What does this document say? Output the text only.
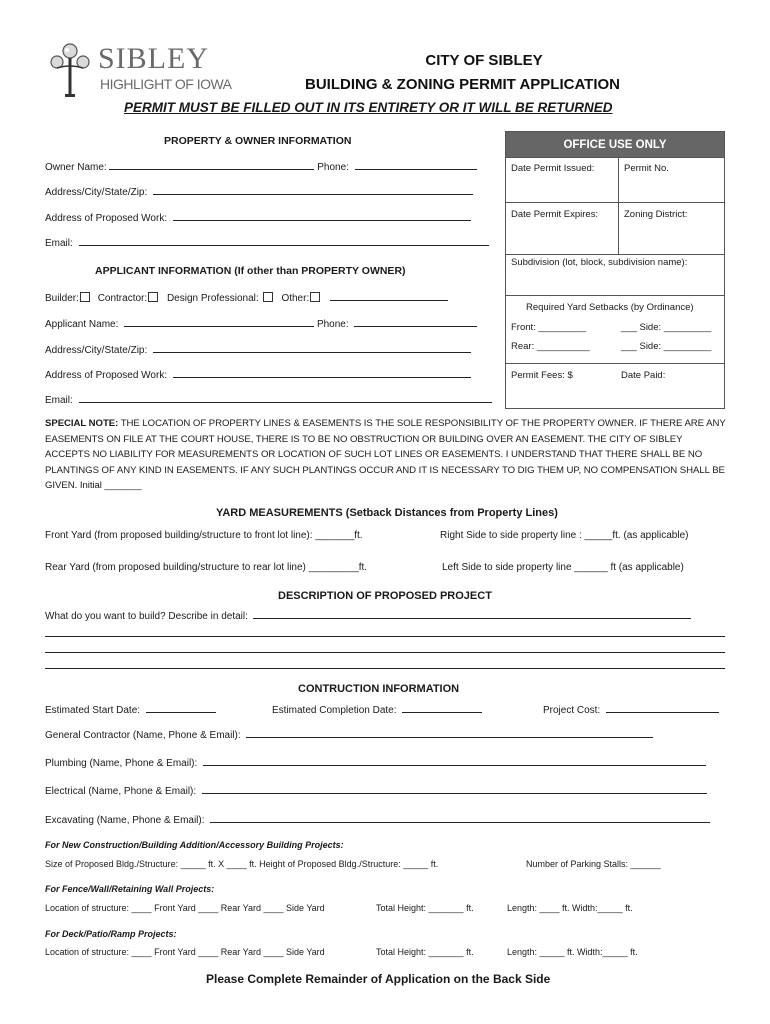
SIBLEY
HIGHLIGHT OF IOWA
CITY OF SIBLEY
BUILDING & ZONING PERMIT APPLICATION
PERMIT MUST BE FILLED OUT IN ITS ENTIRETY OR IT WILL BE RETURNED
PROPERTY & OWNER INFORMATION
Owner Name:	Phone:
Address/City/State/Zip:
Address of Proposed Work:
Email:
APPLICANT INFORMATION (If other than PROPERTY OWNER)
Builder: Contractor: Design Professional: Other:
Applicant Name:	Phone:
Address/City/State/Zip:
Address of Proposed Work:
Email:
OFFICE USE ONLY
Date Permit Issued:	Permit No.
Date Permit Expires:	Zoning District:
Subdivision (lot, block, subdivision name):
Required Yard Setbacks (by Ordinance)
Front: _________	___ Side: _________
Rear: __________	___ Side: _________
Permit Fees: $	Date Paid:
SPECIAL NOTE: THE LOCATION OF PROPERTY LINES & EASEMENTS IS THE SOLE RESPONSIBILITY OF THE PROPERTY OWNER. IF THERE ARE ANY EASEMENTS ON FILE AT THE COURT HOUSE, THERE IS TO BE NO OBSTRUCTION OR BUILDING OVER AN EASEMENT. THE CITY OF SIBLEY ACCEPTS NO LIABILITY FOR MEASUREMENTS OR LOCATION OF SUCH LOT LINES OR EASEMENTS. I UNDERSTAND THAT THERE SHALL BE NO PLANTINGS OF ANY KIND IN EASEMENTS. IF ANY SUCH PLANTINGS OCCUR AND IT IS NECESSARY TO DIG THEM UP, NO COMPENSATION SHALL BE GIVEN. Initial _______
YARD MEASUREMENTS (Setback Distances from Property Lines)
Front Yard (from proposed building/structure to front lot line): _______ft.	Right Side to side property line : _____ft. (as applicable)
Rear Yard (from proposed building/structure to rear lot line) _________ft.	Left Side to side property line ______ ft (as applicable)
DESCRIPTION OF PROPOSED PROJECT
What do you want to build? Describe in detail:
CONTRUCTION INFORMATION
Estimated Start Date:	Estimated Completion Date:	Project Cost:
General Contractor (Name, Phone & Email):
Plumbing (Name, Phone & Email):
Electrical (Name, Phone & Email):
Excavating (Name, Phone & Email):
For New Construction/Building Addition/Accessory Building Projects:
Size of Proposed Bldg./Structure: _____ ft. X ____ ft. Height of Proposed Bldg./Structure: _____ ft.	Number of Parking Stalls: ______
For Fence/Wall/Retaining Wall Projects:
Location of structure: ____ Front Yard ____ Rear Yard ____ Side Yard	Total Height: _______ ft.	Length: ____ ft. Width:_____ ft.
For Deck/Patio/Ramp Projects:
Location of structure: ____ Front Yard ____ Rear Yard ____ Side Yard	Total Height: _______ ft.	Length: _____ ft. Width:_____ ft.
Please Complete Remainder of Application on the Back Side
